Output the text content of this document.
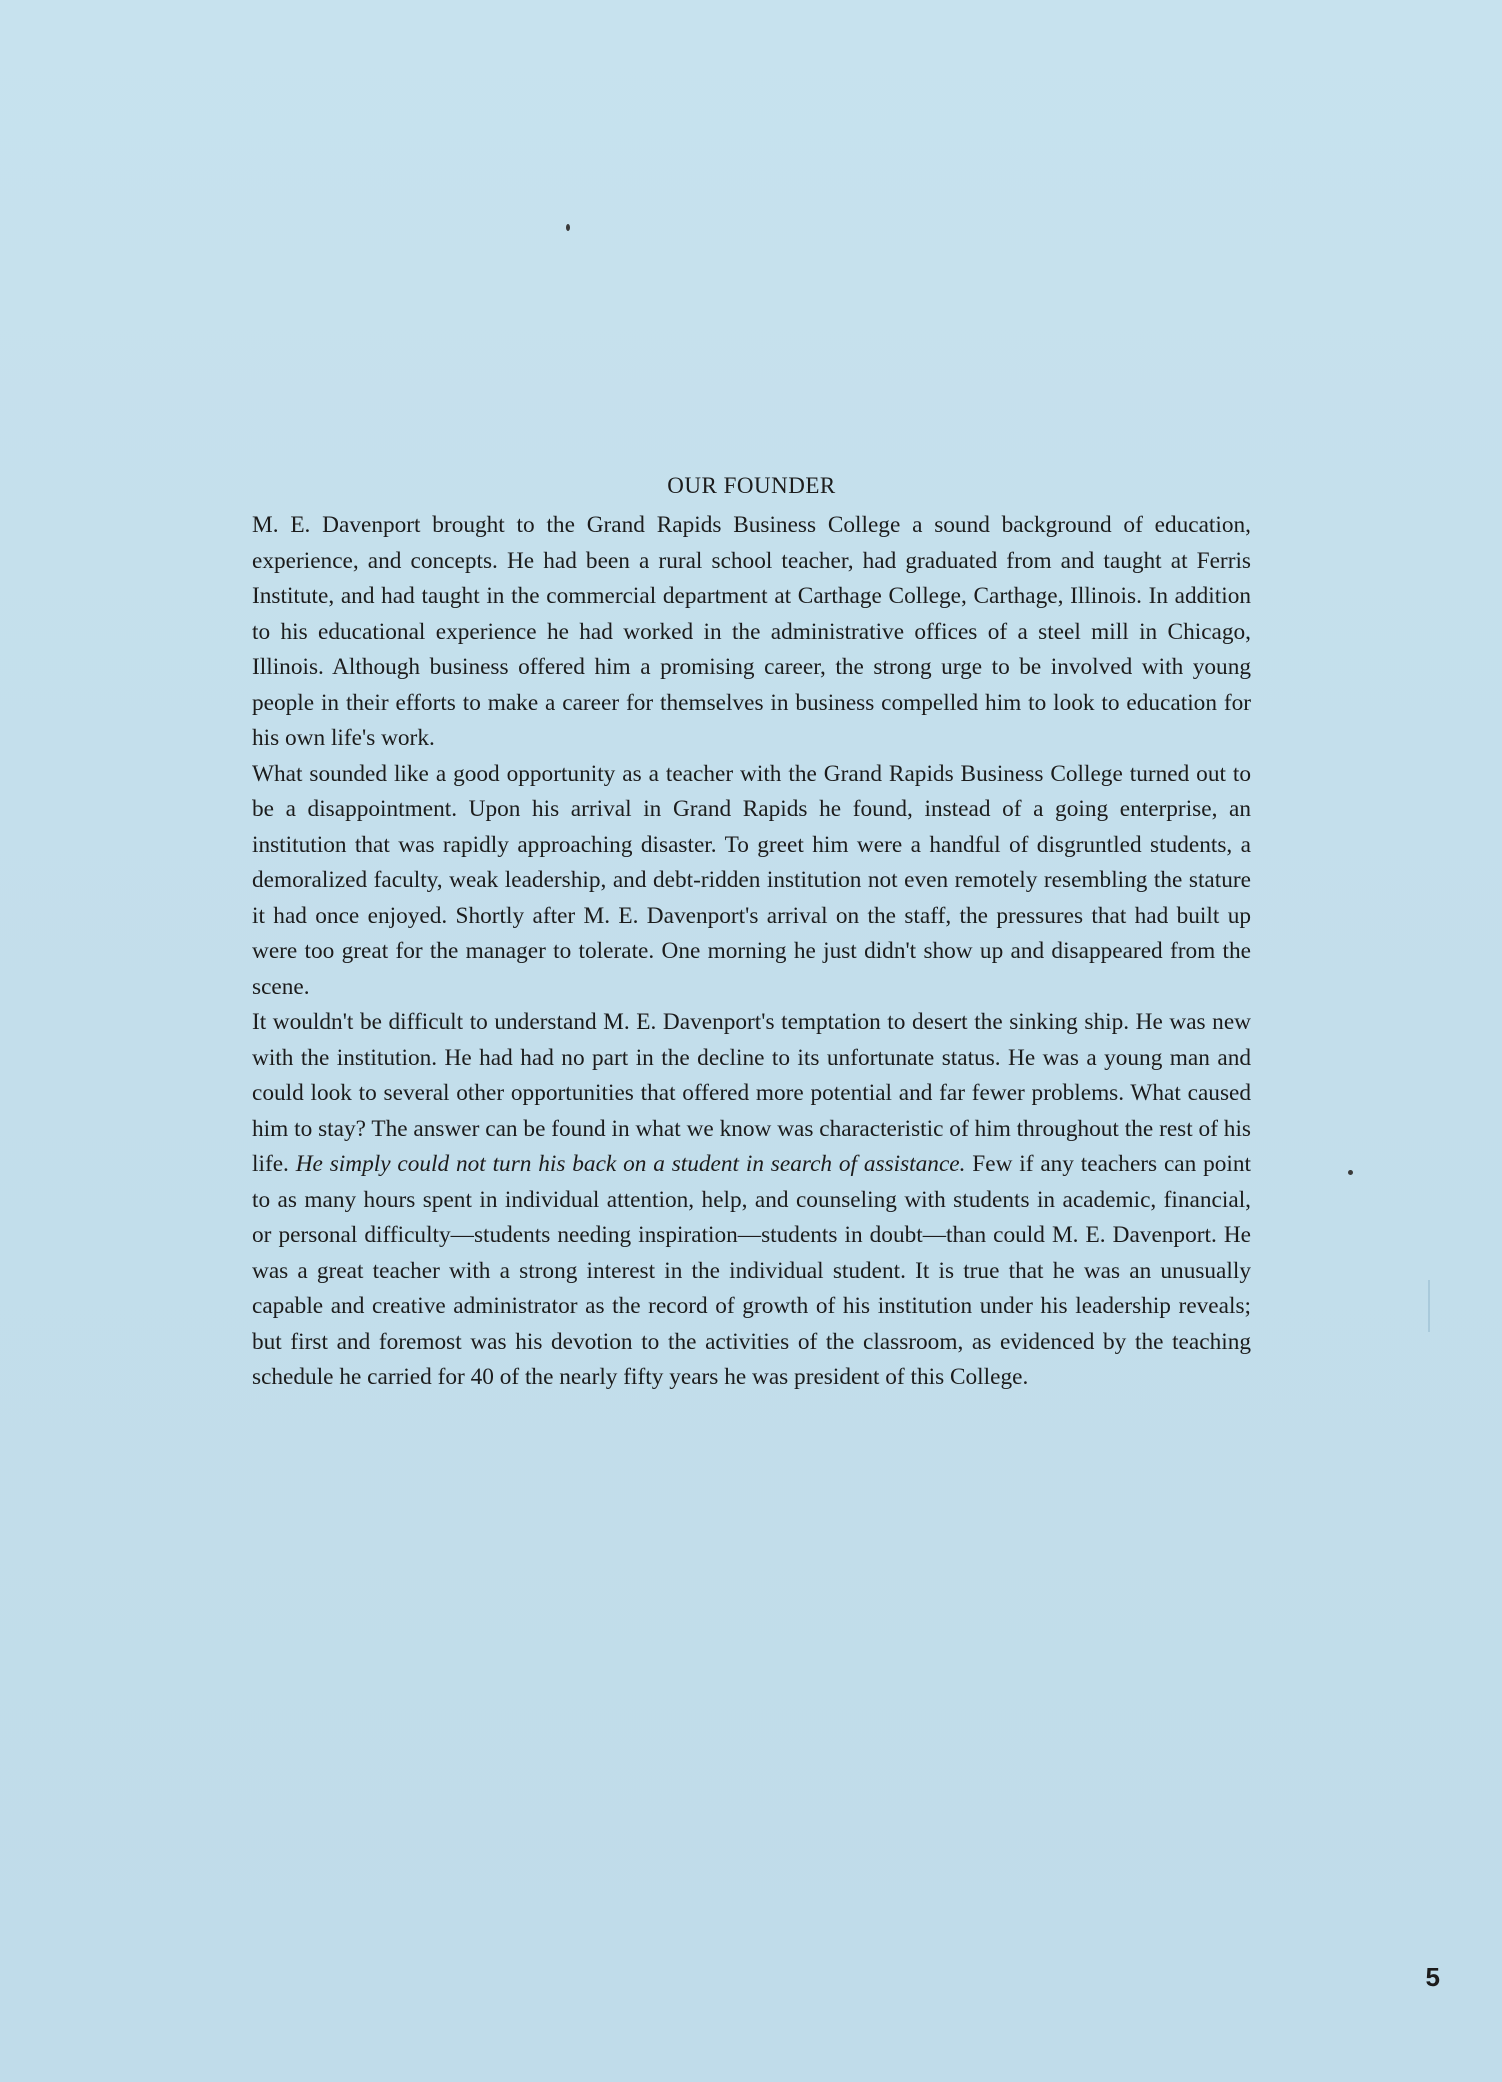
OUR FOUNDER

M. E. Davenport brought to the Grand Rapids Business College a sound background of education, experience, and concepts. He had been a rural school teacher, had graduated from and taught at Ferris Institute, and had taught in the commercial department at Carthage College, Carthage, Illinois. In addition to his educational experience he had worked in the administrative offices of a steel mill in Chicago, Illinois. Although business offered him a promising career, the strong urge to be involved with young people in their efforts to make a career for themselves in business compelled him to look to education for his own life's work.

What sounded like a good opportunity as a teacher with the Grand Rapids Business College turned out to be a disappointment. Upon his arrival in Grand Rapids he found, instead of a going enterprise, an institution that was rapidly approaching disaster. To greet him were a handful of disgruntled students, a demoralized faculty, weak leadership, and debt-ridden institution not even remotely resembling the stature it had once enjoyed. Shortly after M. E. Davenport's arrival on the staff, the pressures that had built up were too great for the manager to tolerate. One morning he just didn't show up and disappeared from the scene.

It wouldn't be difficult to understand M. E. Davenport's temptation to desert the sinking ship. He was new with the institution. He had had no part in the decline to its unfortunate status. He was a young man and could look to several other opportunities that offered more potential and far fewer problems. What caused him to stay? The answer can be found in what we know was characteristic of him throughout the rest of his life. He simply could not turn his back on a student in search of assistance. Few if any teachers can point to as many hours spent in individual attention, help, and counseling with students in academic, financial, or personal difficulty—students needing inspiration—students in doubt—than could M. E. Davenport. He was a great teacher with a strong interest in the individual student. It is true that he was an unusually capable and creative administrator as the record of growth of his institution under his leadership reveals; but first and foremost was his devotion to the activities of the classroom, as evidenced by the teaching schedule he carried for 40 of the nearly fifty years he was president of this College.

5
